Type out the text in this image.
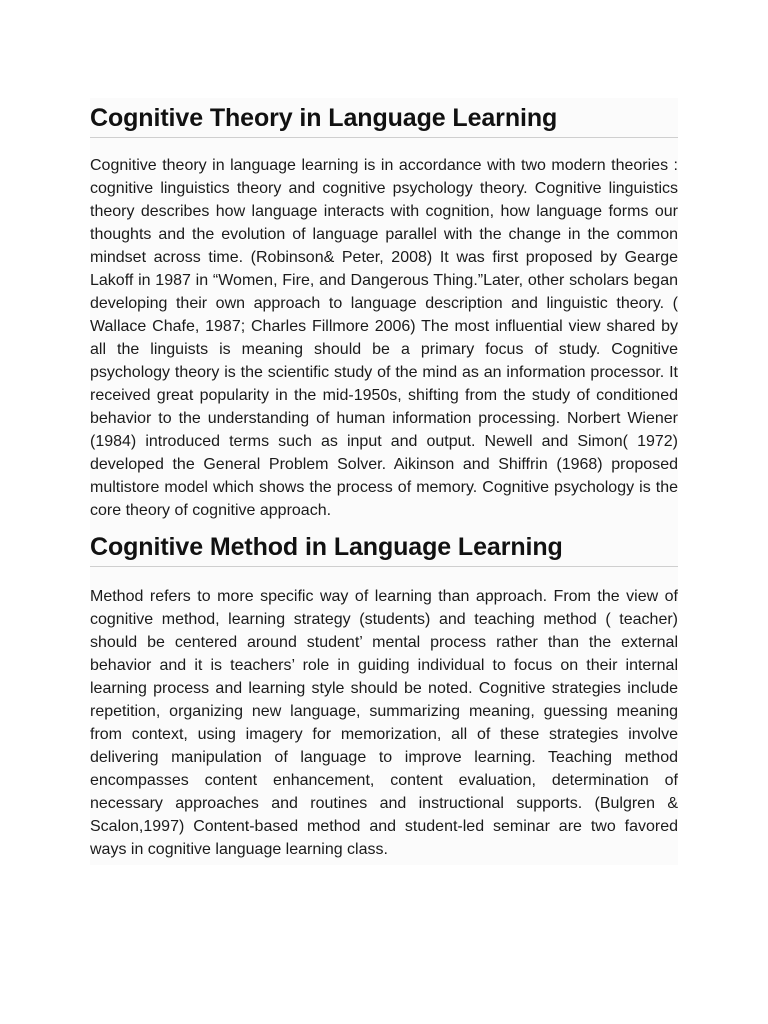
Cognitive Theory in Language Learning

Cognitive theory in language learning is in accordance with two modern theories : cognitive linguistics theory and cognitive psychology theory. Cognitive linguistics theory describes how language interacts with cognition, how language forms our thoughts and the evolution of language parallel with the change in the common mindset across time. (Robinson& Peter, 2008) It was first proposed by Gearge Lakoff in 1987 in “Women, Fire, and Dangerous Thing.”Later, other scholars began developing their own approach to language description and linguistic theory. ( Wallace Chafe, 1987; Charles Fillmore 2006) The most influential view shared by all the linguists is meaning should be a primary focus of study. Cognitive psychology theory is the scientific study of the mind as an information processor. It received great popularity in the mid-1950s, shifting from the study of conditioned behavior to the understanding of human information processing. Norbert Wiener (1984) introduced terms such as input and output. Newell and Simon( 1972) developed the General Problem Solver. Aikinson and Shiffrin (1968) proposed multistore model which shows the process of memory. Cognitive psychology is the core theory of cognitive approach.

Cognitive Method in Language Learning

Method refers to more specific way of learning than approach. From the view of cognitive method, learning strategy (students) and teaching method ( teacher) should be centered around student’ mental process rather than the external behavior and it is teachers’ role in guiding individual to focus on their internal learning process and learning style should be noted. Cognitive strategies include repetition, organizing new language, summarizing meaning, guessing meaning from context, using imagery for memorization, all of these strategies involve delivering manipulation of language to improve learning. Teaching method encompasses content enhancement, content evaluation, determination of necessary approaches and routines and instructional supports. (Bulgren & Scalon,1997) Content-based method and student-led seminar are two favored ways in cognitive language learning class.
